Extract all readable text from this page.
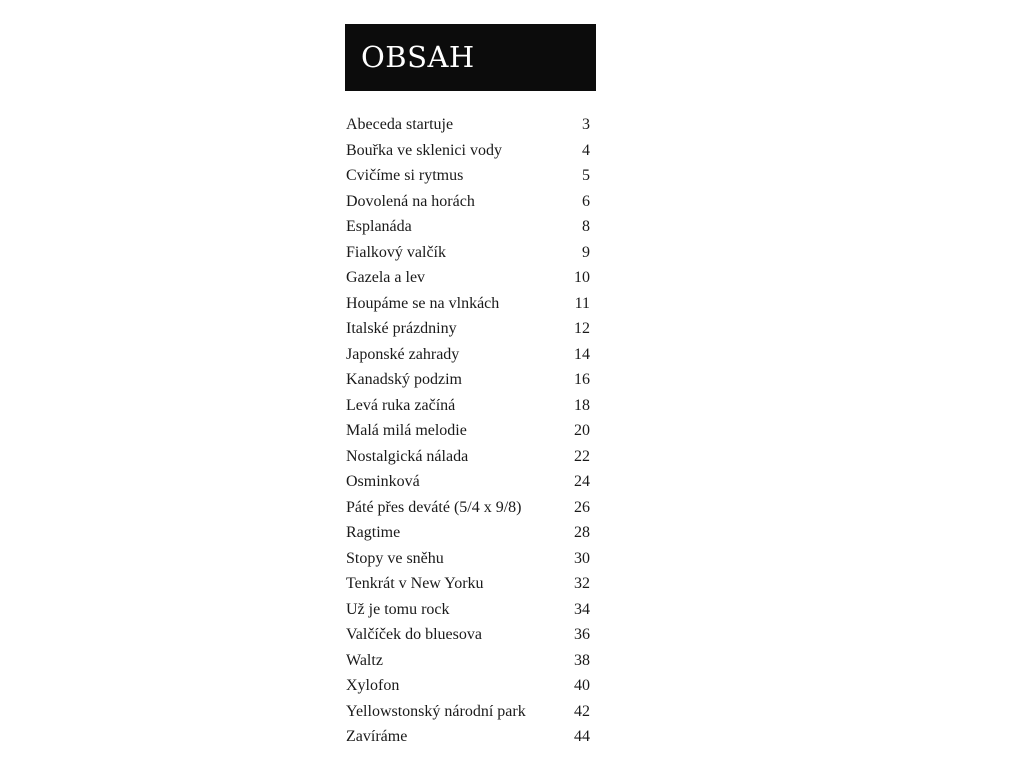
OBSAH
Abeceda startuje	3
Bouřka ve sklenici vody	4
Cvičíme si rytmus	5
Dovolená na horách	6
Esplanáda	8
Fialkový valčík	9
Gazela a lev	10
Houpáme se na vlnkách	11
Italské prázdniny	12
Japonské zahrady	14
Kanadský podzim	16
Levá ruka začíná	18
Malá milá melodie	20
Nostalgická nálada	22
Osminková	24
Páté přes deváté (5/4 x 9/8)	26
Ragtime	28
Stopy ve sněhu	30
Tenkrát v New Yorku	32
Už je tomu rock	34
Valčíček do bluesova	36
Waltz	38
Xylofon	40
Yellowstonský národní park	42
Zavíráme	44
